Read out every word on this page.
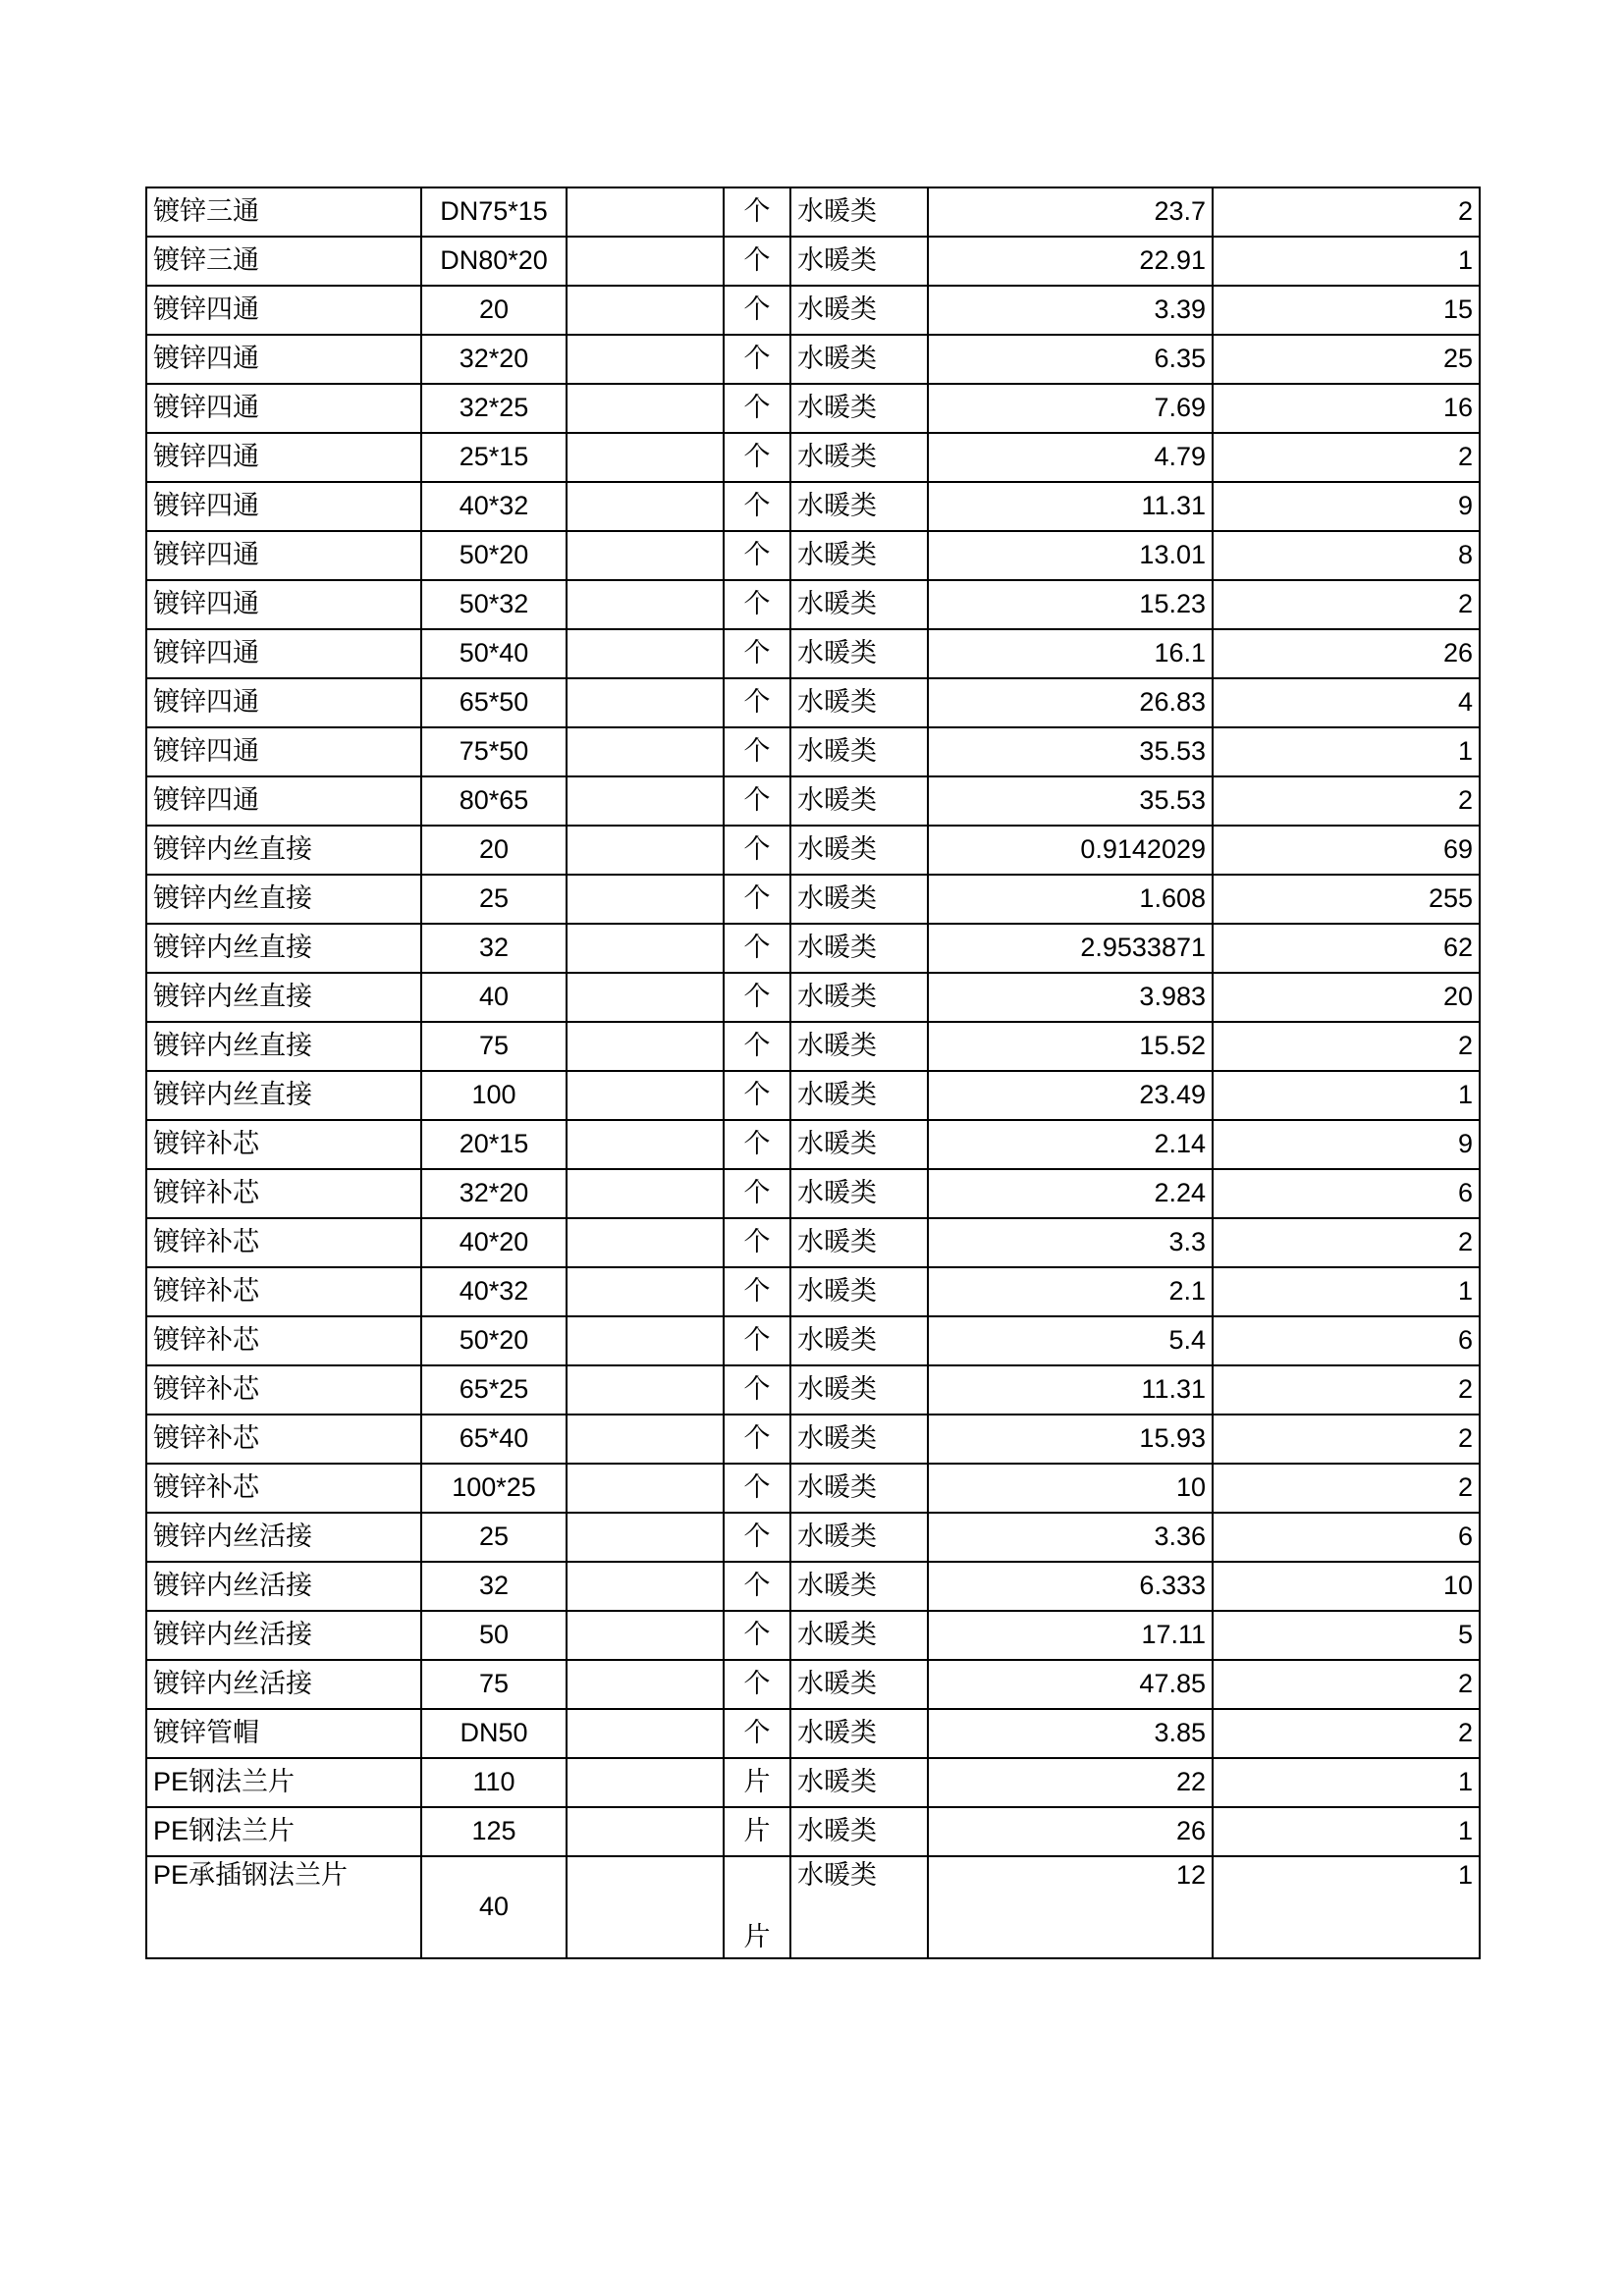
镀锌三通	DN75*15		个	水暖类	23.7	2
镀锌三通	DN80*20		个	水暖类	22.91	1
镀锌四通	20		个	水暖类	3.39	15
镀锌四通	32*20		个	水暖类	6.35	25
镀锌四通	32*25		个	水暖类	7.69	16
镀锌四通	25*15		个	水暖类	4.79	2
镀锌四通	40*32		个	水暖类	11.31	9
镀锌四通	50*20		个	水暖类	13.01	8
镀锌四通	50*32		个	水暖类	15.23	2
镀锌四通	50*40		个	水暖类	16.1	26
镀锌四通	65*50		个	水暖类	26.83	4
镀锌四通	75*50		个	水暖类	35.53	1
镀锌四通	80*65		个	水暖类	35.53	2
镀锌内丝直接	20		个	水暖类	0.9142029	69
镀锌内丝直接	25		个	水暖类	1.608	255
镀锌内丝直接	32		个	水暖类	2.9533871	62
镀锌内丝直接	40		个	水暖类	3.983	20
镀锌内丝直接	75		个	水暖类	15.52	2
镀锌内丝直接	100		个	水暖类	23.49	1
镀锌补芯	20*15		个	水暖类	2.14	9
镀锌补芯	32*20		个	水暖类	2.24	6
镀锌补芯	40*20		个	水暖类	3.3	2
镀锌补芯	40*32		个	水暖类	2.1	1
镀锌补芯	50*20		个	水暖类	5.4	6
镀锌补芯	65*25		个	水暖类	11.31	2
镀锌补芯	65*40		个	水暖类	15.93	2
镀锌补芯	100*25		个	水暖类	10	2
镀锌内丝活接	25		个	水暖类	3.36	6
镀锌内丝活接	32		个	水暖类	6.333	10
镀锌内丝活接	50		个	水暖类	17.11	5
镀锌内丝活接	75		个	水暖类	47.85	2
镀锌管帽	DN50		个	水暖类	3.85	2
PE钢法兰片	110		片	水暖类	22	1
PE钢法兰片	125		片	水暖类	26	1
PE承插钢法兰片	40		片	水暖类	12	1
